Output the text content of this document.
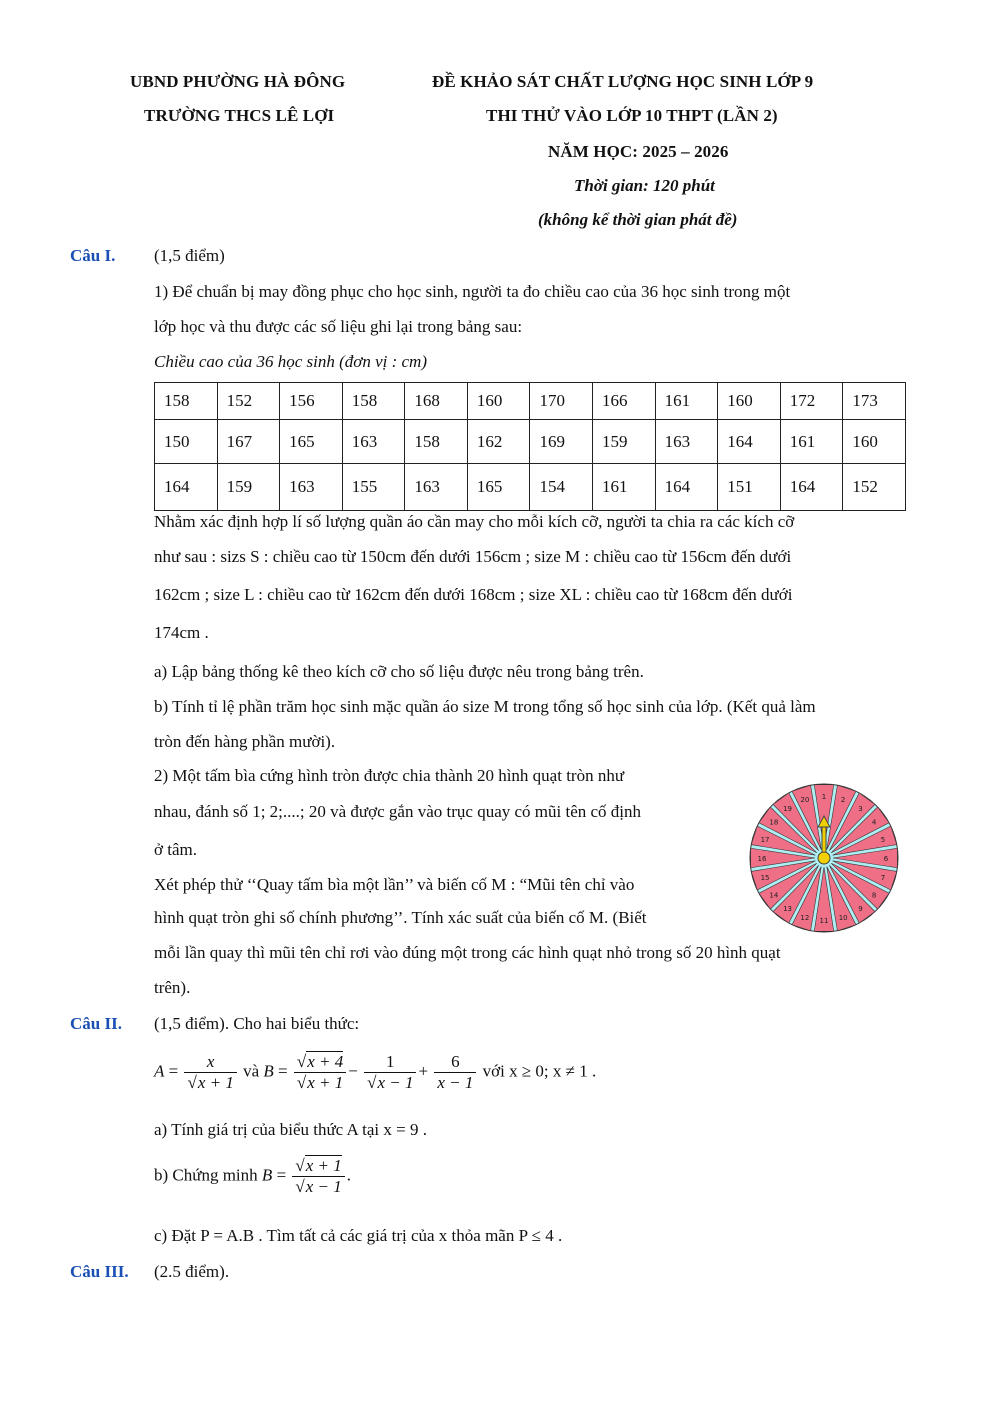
UBND PHƯỜNG HÀ ĐÔNG
TRƯỜNG THCS LÊ LỢI
ĐỀ KHẢO SÁT CHẤT LƯỢNG HỌC SINH LỚP 9
THI THỬ VÀO LỚP 10 THPT (LẦN 2)
NĂM HỌC: 2025 – 2026
Thời gian: 120 phút
(không kể thời gian phát đề)
Câu I. (1,5 điểm)
1) Để chuẩn bị may đồng phục cho học sinh, người ta đo chiều cao của 36 học sinh trong một
lớp học và thu được các số liệu ghi lại trong bảng sau:
Chiều cao của 36 học sinh (đơn vị : cm)
158	152	156	158	168	160	170	166	161	160	172	173
150	167	165	163	158	162	169	159	163	164	161	160
164	159	163	155	163	165	154	161	164	151	164	152
Nhằm xác định hợp lí số lượng quần áo cần may cho mỗi kích cỡ, người ta chia ra các kích cỡ
như sau : sizs S : chiều cao từ 150cm đến dưới 156cm ; size M : chiều cao từ 156cm đến dưới
162cm ; size L : chiều cao từ 162cm đến dưới 168cm ; size XL : chiều cao từ 168cm đến dưới
174cm .
a) Lập bảng thống kê theo kích cỡ cho số liệu được nêu trong bảng trên.
b) Tính tỉ lệ phần trăm học sinh mặc quần áo size M trong tổng số học sinh của lớp. (Kết quả làm
tròn đến hàng phần mười).
2) Một tấm bìa cứng hình tròn được chia thành 20 hình quạt tròn như
nhau, đánh số 1; 2;....; 20 và được gắn vào trục quay có mũi tên cố định
ở tâm.
Xét phép thử ‘‘Quay tấm bìa một lần’’ và biến cố M : “Mũi tên chỉ vào
hình quạt tròn ghi số chính phương’’. Tính xác suất của biến cố M. (Biết
mỗi lần quay thì mũi tên chỉ rơi vào đúng một trong các hình quạt nhỏ trong số 20 hình quạt
trên).
1 2
3
4
5
6
7
8
9
10
11
12
13
14
15
16
17
18
19
20
Câu II. (1,5 điểm). Cho hai biểu thức:
$A = \frac{x}{√x + 1}$ và $B = \frac{√x + 4}{√x + 1} - \frac{1}{√x - 1} + \frac{6}{x - 1}$ với x ≥ 0; x ≠ 1 .
a) Tính giá trị của biểu thức A tại x = 9 .
b) Chứng minh $B = \frac{√x + 1}{√x - 1}$ .
c) Đặt P = A.B . Tìm tất cả các giá trị của x thỏa mãn P ≤ 4 .
Câu III. (2.5 điểm).
